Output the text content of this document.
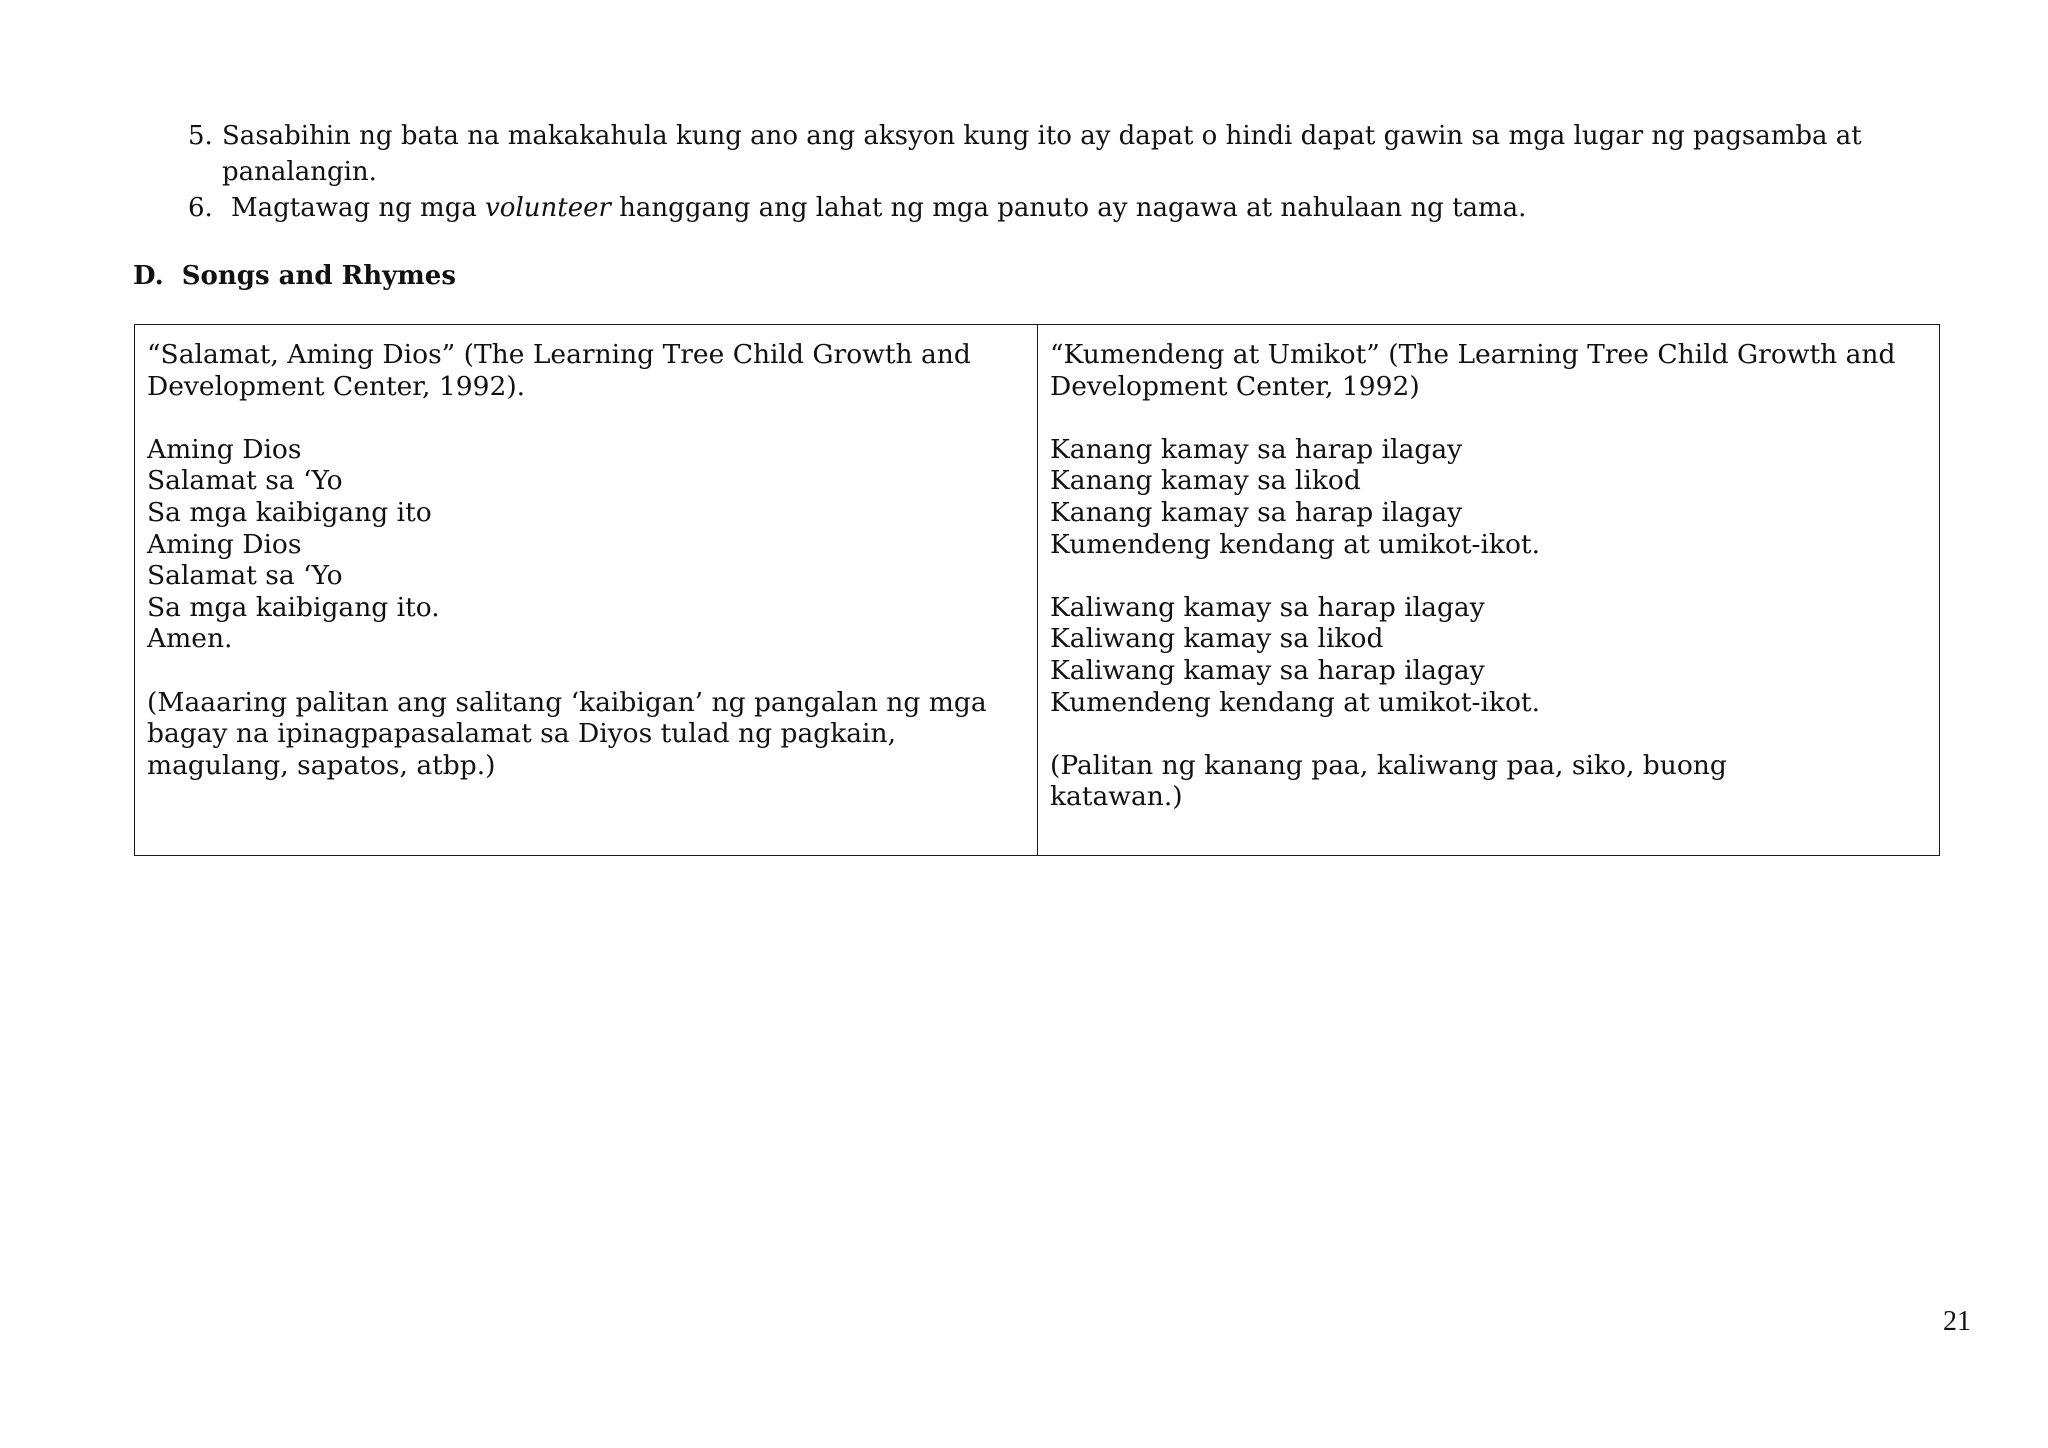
5. Sasabihin ng bata na makakahula kung ano ang aksyon kung ito ay dapat o hindi dapat gawin sa mga lugar ng pagsamba at panalangin.
6. Magtawag ng mga volunteer hanggang ang lahat ng mga panuto ay nagawa at nahulaan ng tama.
D.  Songs and Rhymes
“Salamat, Aming Dios” (The Learning Tree Child Growth and
Development Center, 1992).
Aming Dios
Salamat sa ‘Yo
Sa mga kaibigang ito
Aming Dios
Salamat sa ‘Yo
Sa mga kaibigang ito.
Amen.
(Maaaring palitan ang salitang ‘kaibigan’ ng pangalan ng mga
bagay na ipinagpapasalamat sa Diyos tulad ng pagkain,
magulang, sapatos, atbp.)
“Kumendeng at Umikot” (The Learning Tree Child Growth and
Development Center, 1992)
Kanang kamay sa harap ilagay
Kanang kamay sa likod
Kanang kamay sa harap ilagay
Kumendeng kendang at umikot-ikot.
Kaliwang kamay sa harap ilagay
Kaliwang kamay sa likod
Kaliwang kamay sa harap ilagay
Kumendeng kendang at umikot-ikot.
(Palitan ng kanang paa, kaliwang paa, siko, buong
katawan.)
21
